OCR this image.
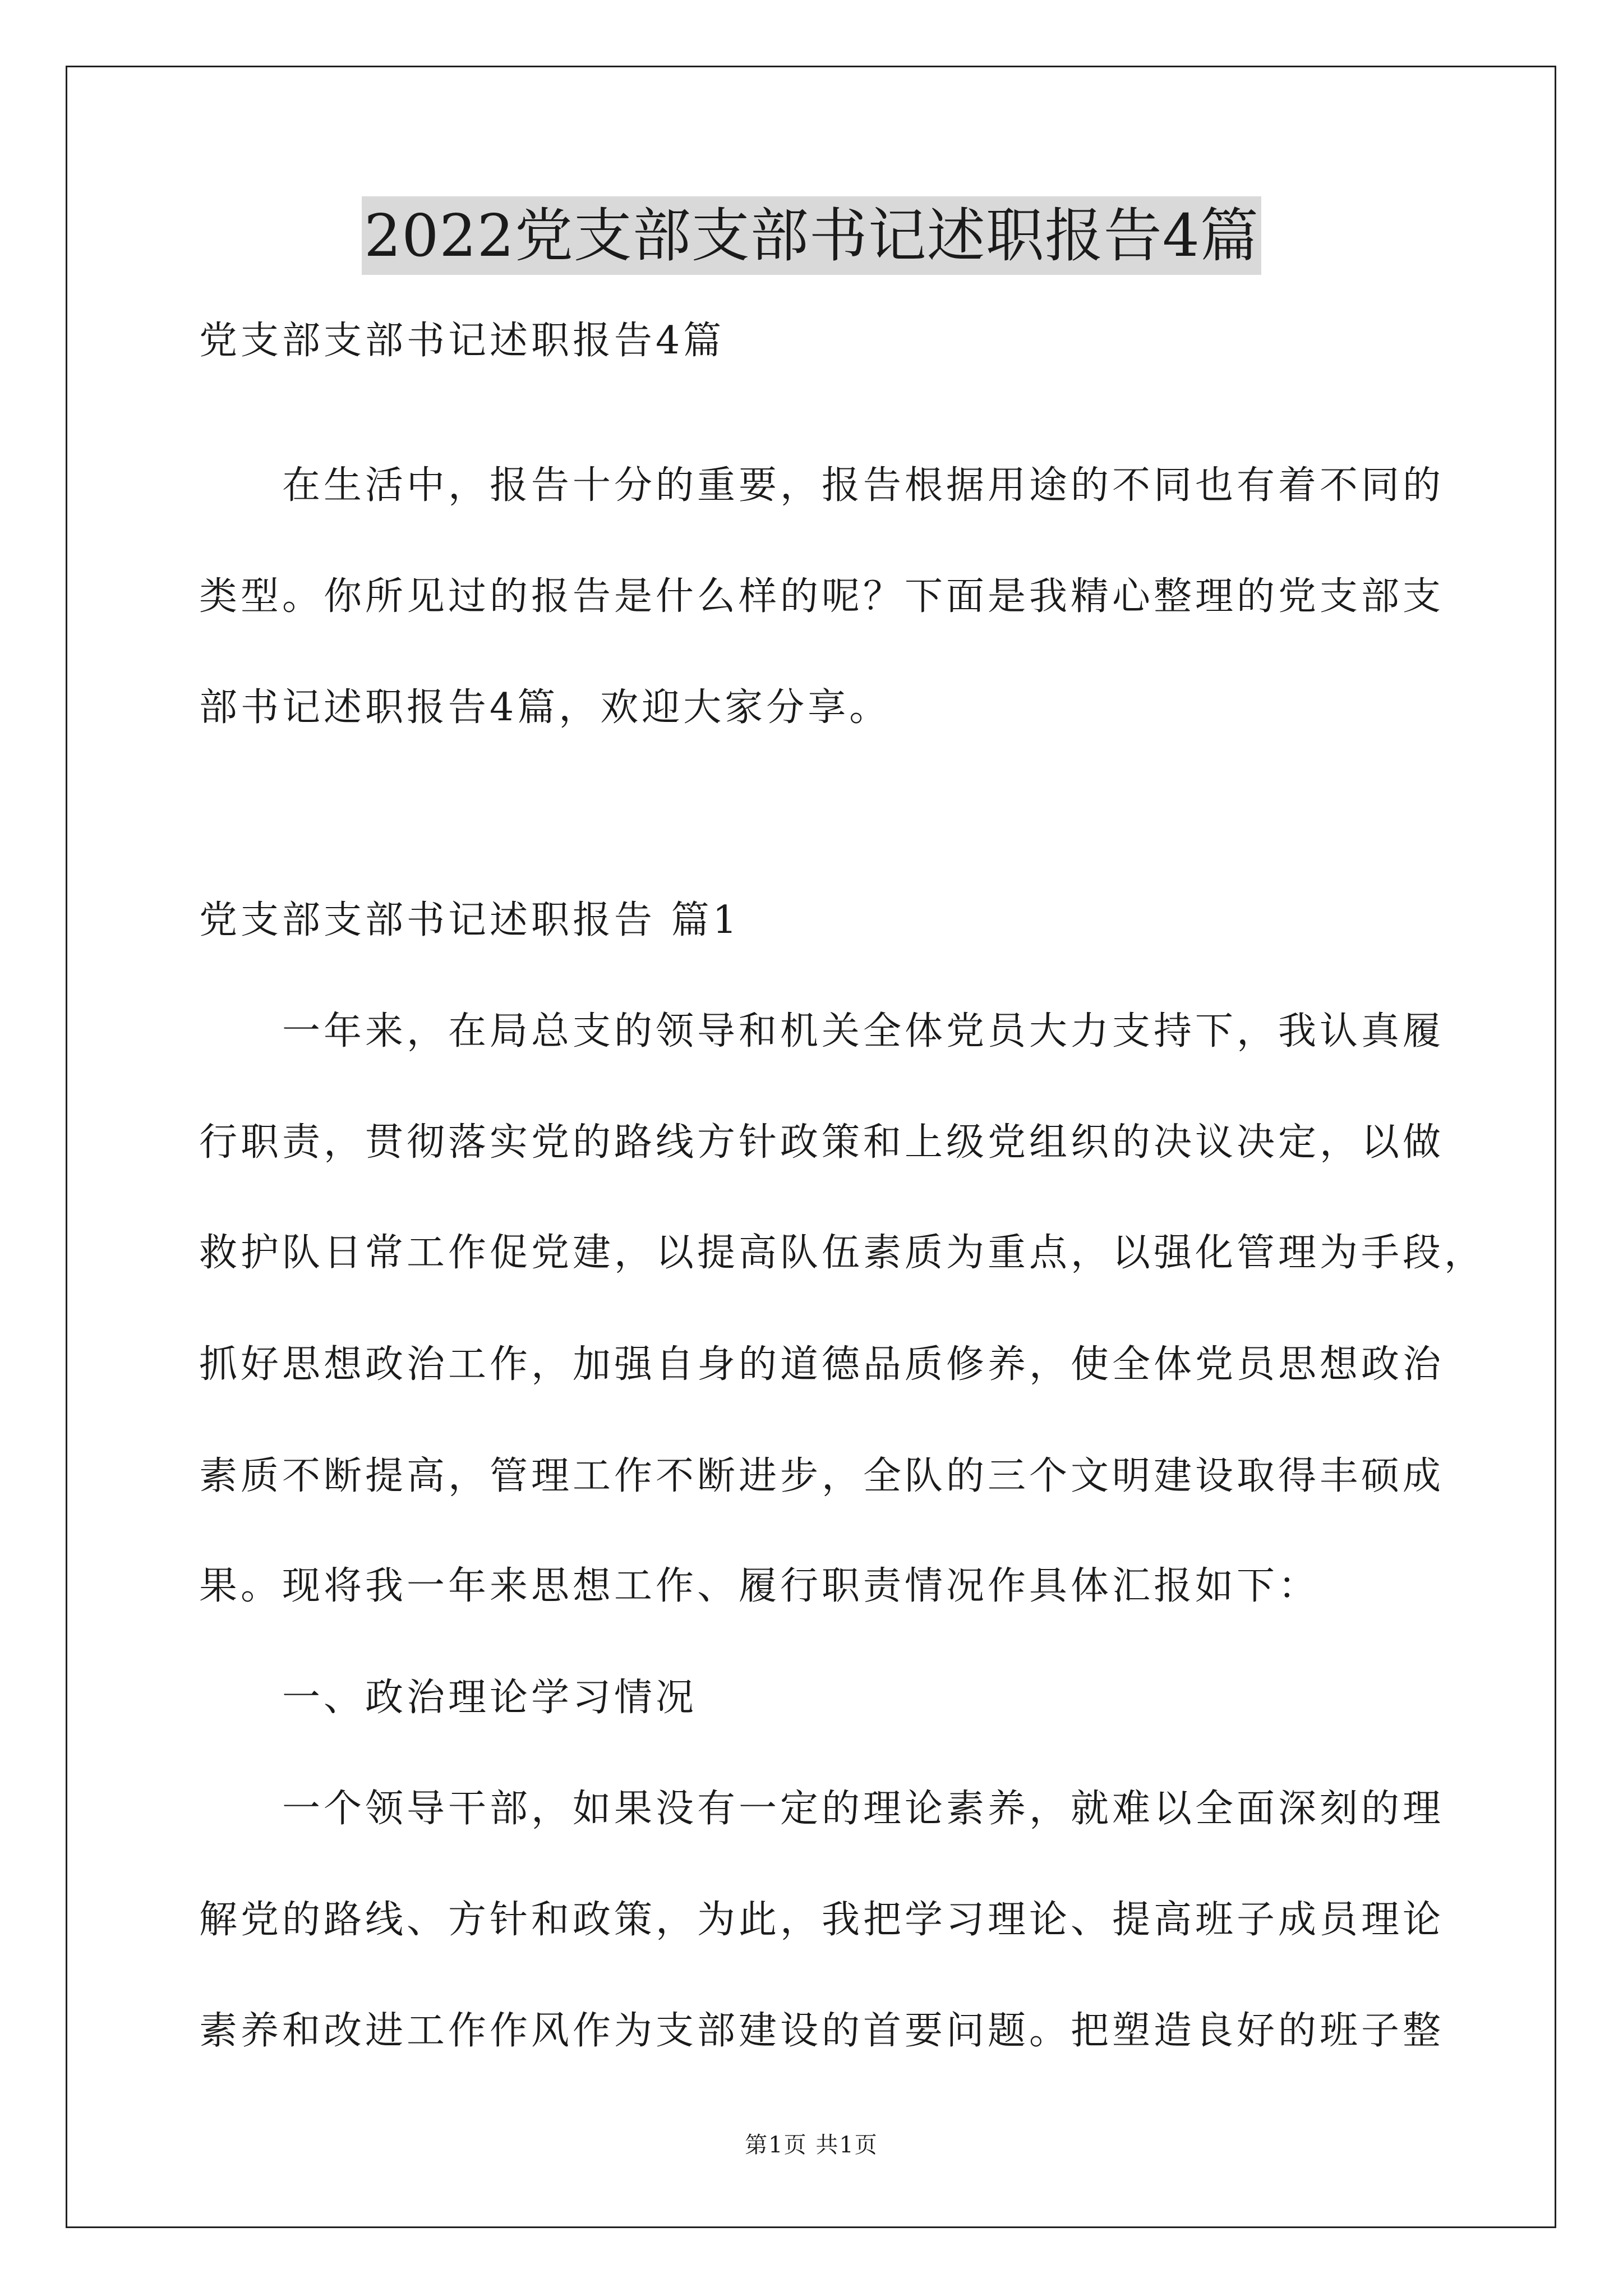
2022党支部支部书记述职报告4篇

党支部支部书记述职报告4篇

在生活中，报告十分的重要，报告根据用途的不同也有着不同的

类型。你所见过的报告是什么样的呢？下面是我精心整理的党支部支

部书记述职报告4篇，欢迎大家分享。

党支部支部书记述职报告 篇1

一年来，在局总支的领导和机关全体党员大力支持下，我认真履

行职责，贯彻落实党的路线方针政策和上级党组织的决议决定，以做

救护队日常工作促党建，以提高队伍素质为重点，以强化管理为手段，

抓好思想政治工作，加强自身的道德品质修养，使全体党员思想政治

素质不断提高，管理工作不断进步，全队的三个文明建设取得丰硕成

果。现将我一年来思想工作、履行职责情况作具体汇报如下：

一、政治理论学习情况

一个领导干部，如果没有一定的理论素养，就难以全面深刻的理

解党的路线、方针和政策，为此，我把学习理论、提高班子成员理论

素养和改进工作作风作为支部建设的首要问题。把塑造良好的班子整

第1页 共1页
